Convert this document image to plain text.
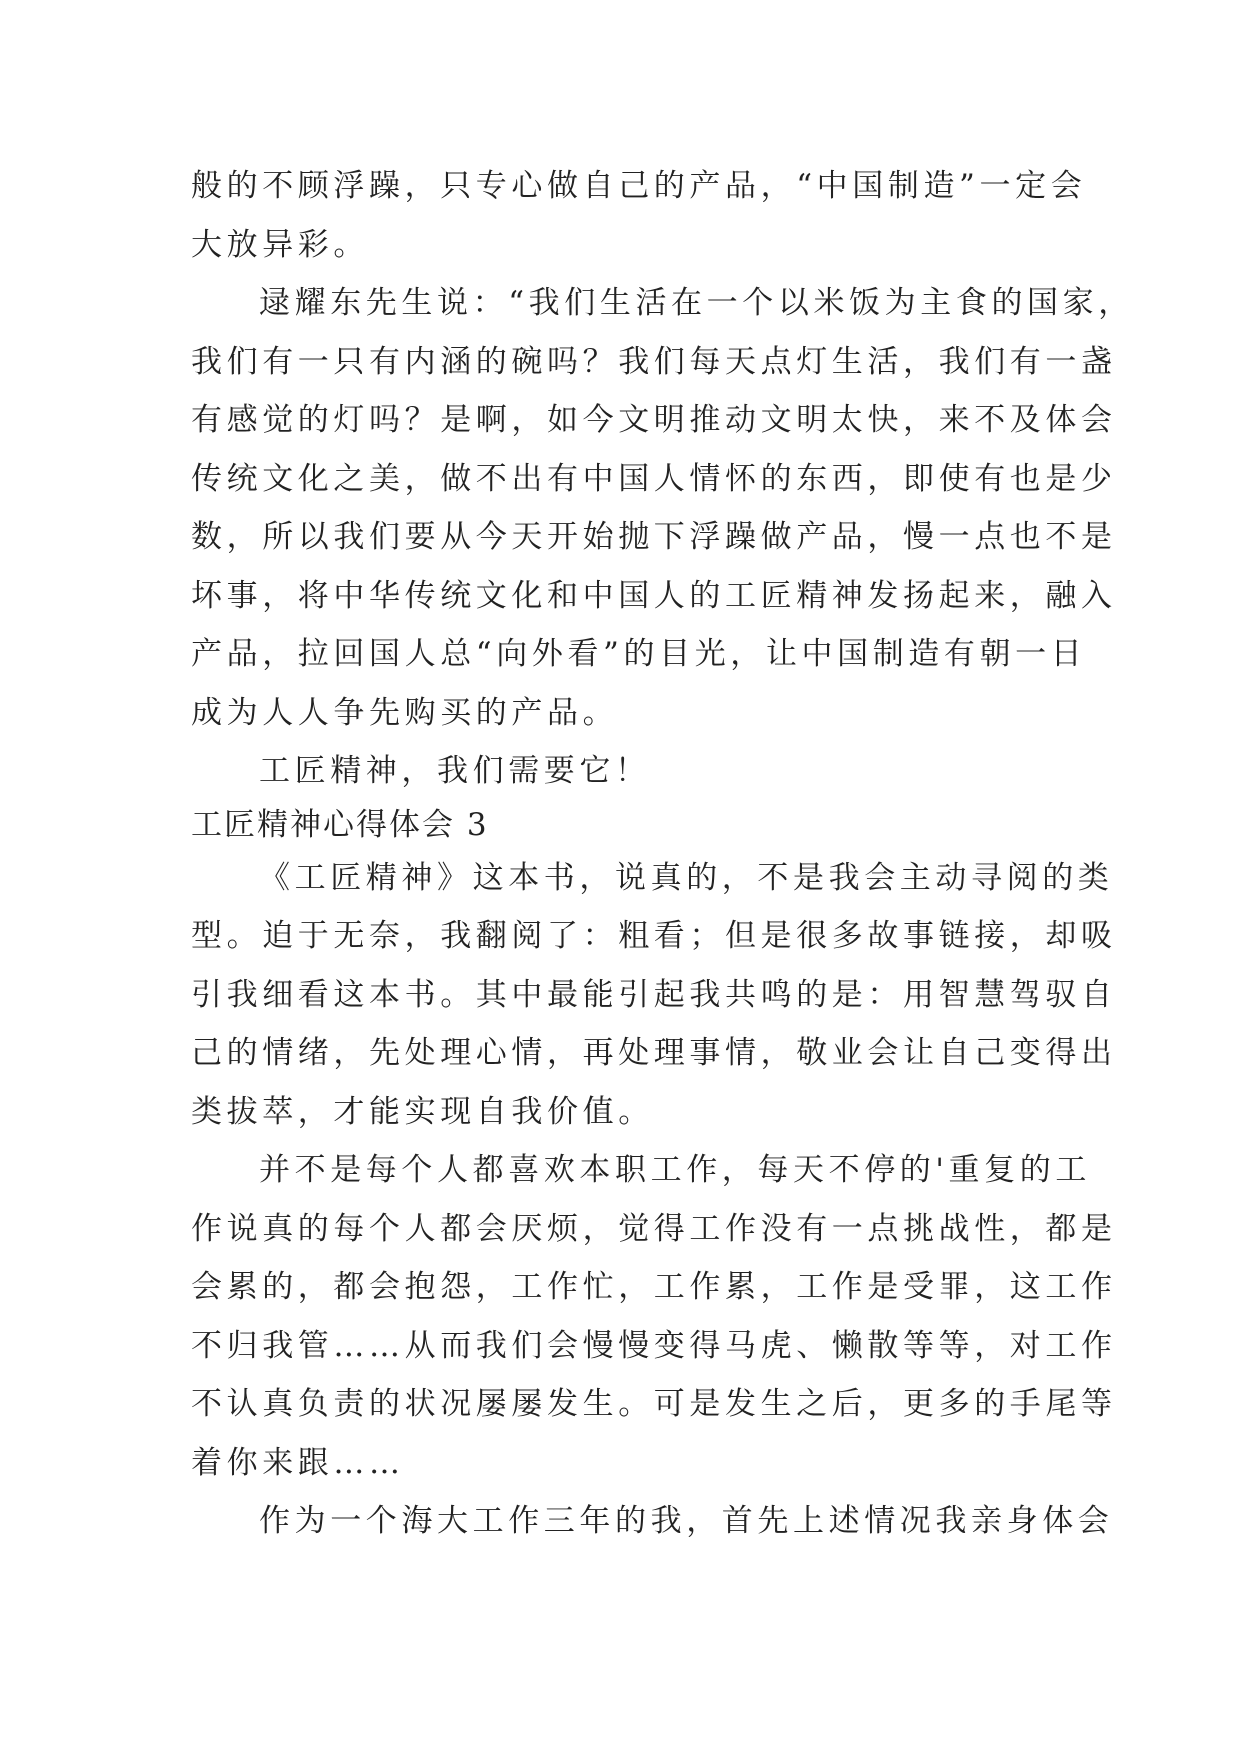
般的不顾浮躁，只专心做自己的产品，“中国制造”一定会
大放异彩。
逯耀东先生说：“我们生活在一个以米饭为主食的国家，
我们有一只有内涵的碗吗？我们每天点灯生活，我们有一盏
有感觉的灯吗？是啊，如今文明推动文明太快，来不及体会
传统文化之美，做不出有中国人情怀的东西，即使有也是少
数，所以我们要从今天开始抛下浮躁做产品，慢一点也不是
坏事，将中华传统文化和中国人的工匠精神发扬起来，融入
产品，拉回国人总“向外看”的目光，让中国制造有朝一日
成为人人争先购买的产品。
工匠精神，我们需要它！
工匠精神心得体会 3
《工匠精神》这本书，说真的，不是我会主动寻阅的类
型。迫于无奈，我翻阅了：粗看；但是很多故事链接，却吸
引我细看这本书。其中最能引起我共鸣的是：用智慧驾驭自
己的情绪，先处理心情，再处理事情，敬业会让自己变得出
类拔萃，才能实现自我价值。
并不是每个人都喜欢本职工作，每天不停的'重复的工
作说真的每个人都会厌烦，觉得工作没有一点挑战性，都是
会累的，都会抱怨，工作忙，工作累，工作是受罪，这工作
不归我管……从而我们会慢慢变得马虎、懒散等等，对工作
不认真负责的状况屡屡发生。可是发生之后，更多的手尾等
着你来跟……
作为一个海大工作三年的我，首先上述情况我亲身体会
